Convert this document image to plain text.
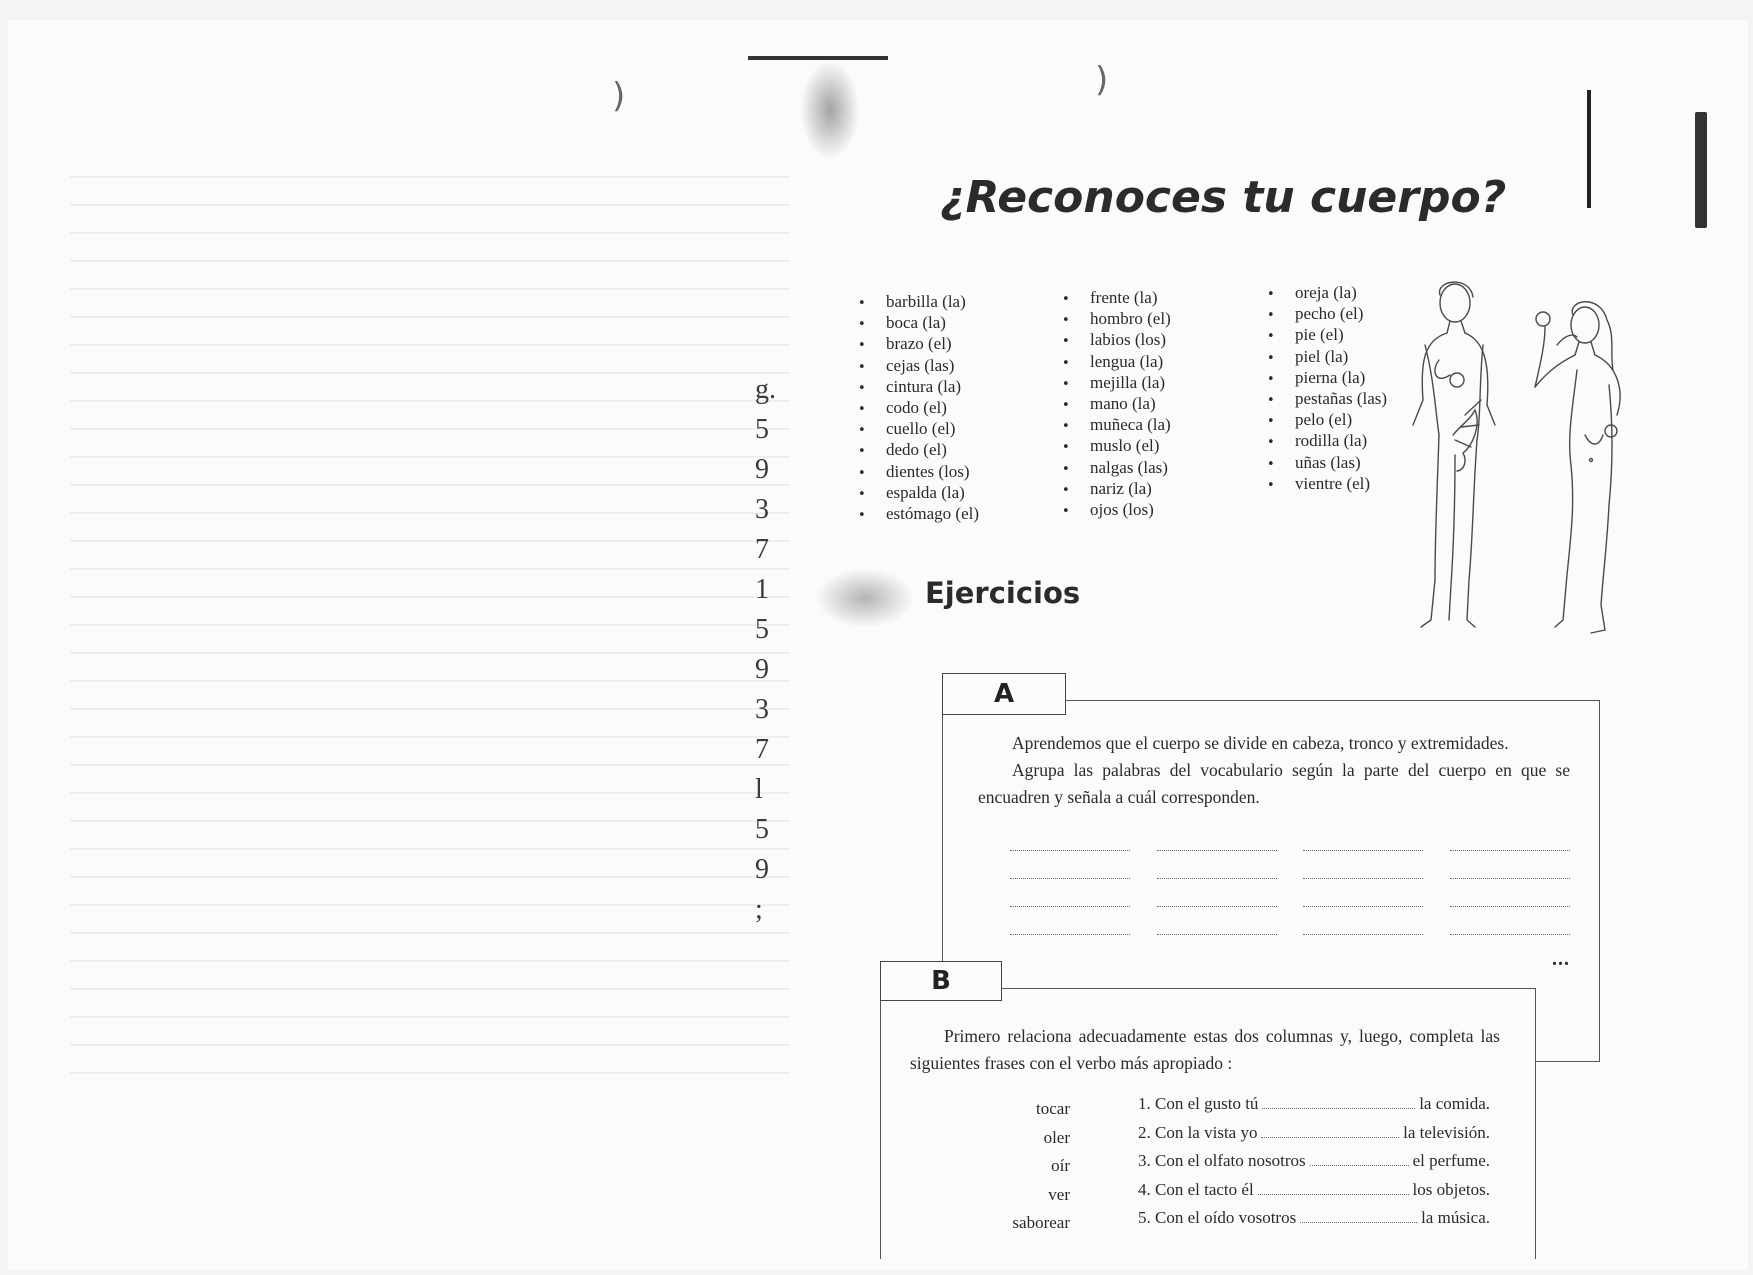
)	)
¿Reconoces tu cuerpo?
• barbilla (la)
• boca (la)
• brazo (el)
• cejas (las)
• cintura (la)
• codo (el)
• cuello (el)
• dedo (el)
• dientes (los)
• espalda (la)
• estómago (el)
• frente (la)
• hombro (el)
• labios (los)
• lengua (la)
• mejilla (la)
• mano (la)
• muñeca (la)
• muslo (el)
• nalgas (las)
• nariz (la)
• ojos (los)
• oreja (la)
• pecho (el)
• pie (el)
• piel (la)
• pierna (la)
• pestañas (las)
• pelo (el)
• rodilla (la)
• uñas (las)
• vientre (el)
g.
5
9
3
7
1
5
9
3
7
l
5
9
;
Ejercicios
A

Aprendemos que el cuerpo se divide en cabeza, tronco y extremidades.

Agrupa las palabras del vocabulario según la parte del cuerpo en que se encuadren y señala a cuál corresponden.

...
B

Primero relaciona adecuadamente estas dos columnas y, luego, completa las siguientes frases con el verbo más apropiado :

tocar
oler
oír
ver
saborear
1. Con el gusto tú	la comida.
2. Con la vista yo	la televisión.
3. Con el olfato nosotros	el perfume.
4. Con el tacto él	los objetos.
5. Con el oído vosotros	la música.
